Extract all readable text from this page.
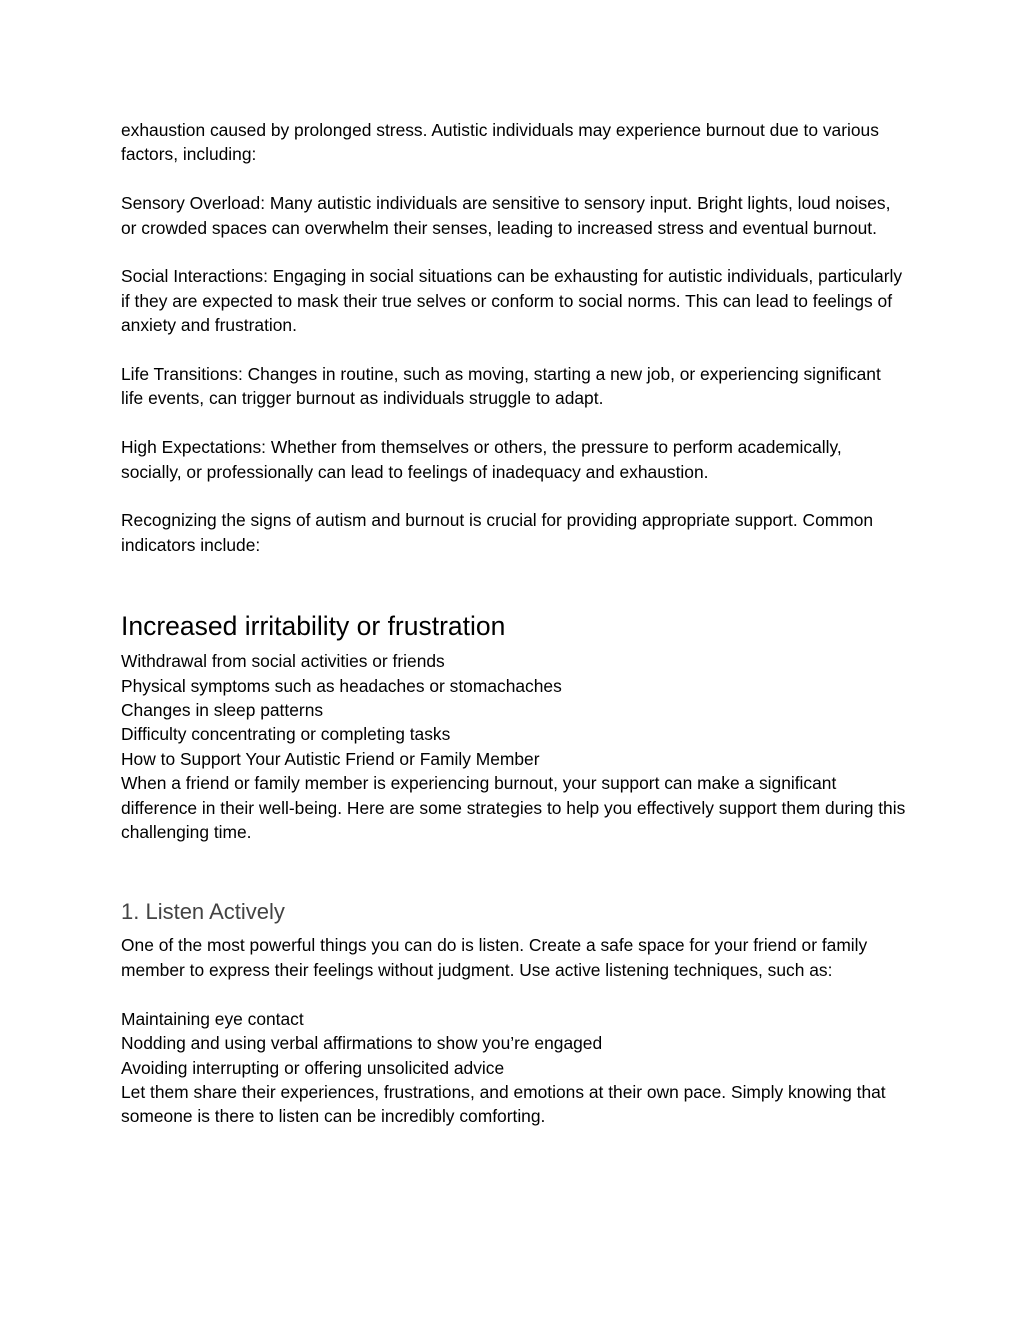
exhaustion caused by prolonged stress. Autistic individuals may experience burnout due to various factors, including:

Sensory Overload: Many autistic individuals are sensitive to sensory input. Bright lights, loud noises, or crowded spaces can overwhelm their senses, leading to increased stress and eventual burnout.

Social Interactions: Engaging in social situations can be exhausting for autistic individuals, particularly if they are expected to mask their true selves or conform to social norms. This can lead to feelings of anxiety and frustration.

Life Transitions: Changes in routine, such as moving, starting a new job, or experiencing significant life events, can trigger burnout as individuals struggle to adapt.

High Expectations: Whether from themselves or others, the pressure to perform academically, socially, or professionally can lead to feelings of inadequacy and exhaustion.

Recognizing the signs of autism and burnout is crucial for providing appropriate support. Common indicators include:

Increased irritability or frustration

Withdrawal from social activities or friends

Physical symptoms such as headaches or stomachaches

Changes in sleep patterns

Difficulty concentrating or completing tasks

How to Support Your Autistic Friend or Family Member

When a friend or family member is experiencing burnout, your support can make a significant difference in their well-being. Here are some strategies to help you effectively support them during this challenging time.

1. Listen Actively

One of the most powerful things you can do is listen. Create a safe space for your friend or family member to express their feelings without judgment. Use active listening techniques, such as:

Maintaining eye contact

Nodding and using verbal affirmations to show you’re engaged

Avoiding interrupting or offering unsolicited advice

Let them share their experiences, frustrations, and emotions at their own pace. Simply knowing that someone is there to listen can be incredibly comforting.
